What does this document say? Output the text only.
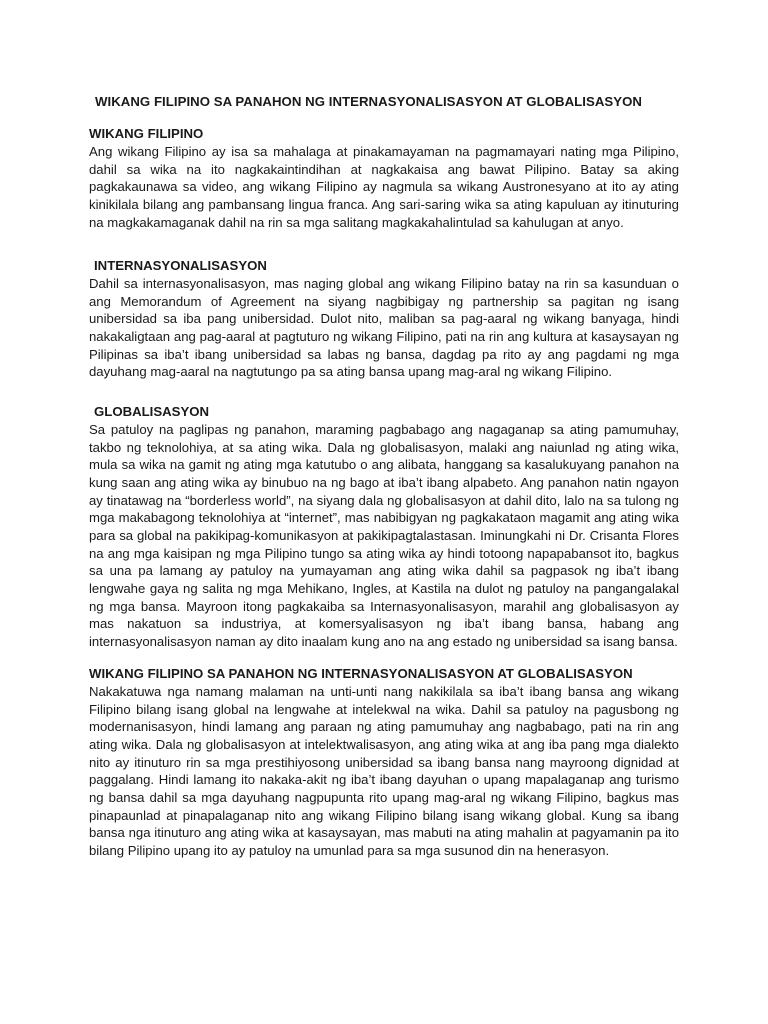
WIKANG FILIPINO SA PANAHON NG INTERNASYONALISASYON AT GLOBALISASYON
WIKANG FILIPINO

Ang wikang Filipino ay isa sa mahalaga at pinakamayaman na pagmamayari nating mga Pilipino, dahil sa wika na ito nagkakaintindihan at nagkakaisa ang bawat Pilipino. Batay sa aking pagkakaunawa sa video, ang wikang Filipino ay nagmula sa wikang Austronesyano at ito ay ating kinikilala bilang ang pambansang lingua franca. Ang sari-saring wika sa ating kapuluan ay itinuturing na magkakamaganak dahil na rin sa mga salitang magkakahalintulad sa kahulugan at anyo.

INTERNASYONALISASYON

Dahil sa internasyonalisasyon, mas naging global ang wikang Filipino batay na rin sa kasunduan o ang Memorandum of Agreement na siyang nagbibigay ng partnership sa pagitan ng isang unibersidad sa iba pang unibersidad. Dulot nito, maliban sa pag-aaral ng wikang banyaga, hindi nakakaligtaan ang pag-aaral at pagtuturo ng wikang Filipino, pati na rin ang kultura at kasaysayan ng Pilipinas sa iba’t ibang unibersidad sa labas ng bansa, dagdag pa rito ay ang pagdami ng mga dayuhang mag-aaral na nagtutungo pa sa ating bansa upang mag-aral ng wikang Filipino.

GLOBALISASYON

Sa patuloy na paglipas ng panahon, maraming pagbabago ang nagaganap sa ating pamumuhay, takbo ng teknolohiya, at sa ating wika. Dala ng globalisasyon, malaki ang naiunlad ng ating wika, mula sa wika na gamit ng ating mga katutubo o ang alibata, hanggang sa kasalukuyang panahon na kung saan ang ating wika ay binubuo na ng bago at iba’t ibang alpabeto. Ang panahon natin ngayon ay tinatawag na “borderless world”, na siyang dala ng globalisasyon at dahil dito, lalo na sa tulong ng mga makabagong teknolohiya at “internet”, mas nabibigyan ng pagkakataon magamit ang ating wika para sa global na pakikipag-komunikasyon at pakikipagtalastasan. Iminungkahi ni Dr. Crisanta Flores na ang mga kaisipan ng mga Pilipino tungo sa ating wika ay hindi totoong napapabansot ito, bagkus sa una pa lamang ay patuloy na yumayaman ang ating wika dahil sa pagpasok ng iba’t ibang lengwahe gaya ng salita ng mga Mehikano, Ingles, at Kastila na dulot ng patuloy na pangangalakal ng mga bansa. Mayroon itong pagkakaiba sa Internasyonalisasyon, marahil ang globalisasyon ay mas nakatuon sa industriya, at komersyalisasyon ng iba’t ibang bansa, habang ang internasyonalisasyon naman ay dito inaalam kung ano na ang estado ng unibersidad sa isang bansa.

WIKANG FILIPINO SA PANAHON NG INTERNASYONALISASYON AT GLOBALISASYON

Nakakatuwa nga namang malaman na unti-unti nang nakikilala sa iba’t ibang bansa ang wikang Filipino bilang isang global na lengwahe at intelekwal na wika. Dahil sa patuloy na pagusbong ng modernanisasyon, hindi lamang ang paraan ng ating pamumuhay ang nagbabago, pati na rin ang ating wika. Dala ng globalisasyon at intelektwalisasyon, ang ating wika at ang iba pang mga dialekto nito ay itinuturo rin sa mga prestihiyosong unibersidad sa ibang bansa nang mayroong dignidad at paggalang. Hindi lamang ito nakaka-akit ng iba’t ibang dayuhan o upang mapalaganap ang turismo ng bansa dahil sa mga dayuhang nagpupunta rito upang mag-aral ng wikang Filipino, bagkus mas pinapaunlad at pinapalaganap nito ang wikang Filipino bilang isang wikang global. Kung sa ibang bansa nga itinuturo ang ating wika at kasaysayan, mas mabuti na ating mahalin at pagyamanin pa ito bilang Pilipino upang ito ay patuloy na umunlad para sa mga susunod din na henerasyon.
